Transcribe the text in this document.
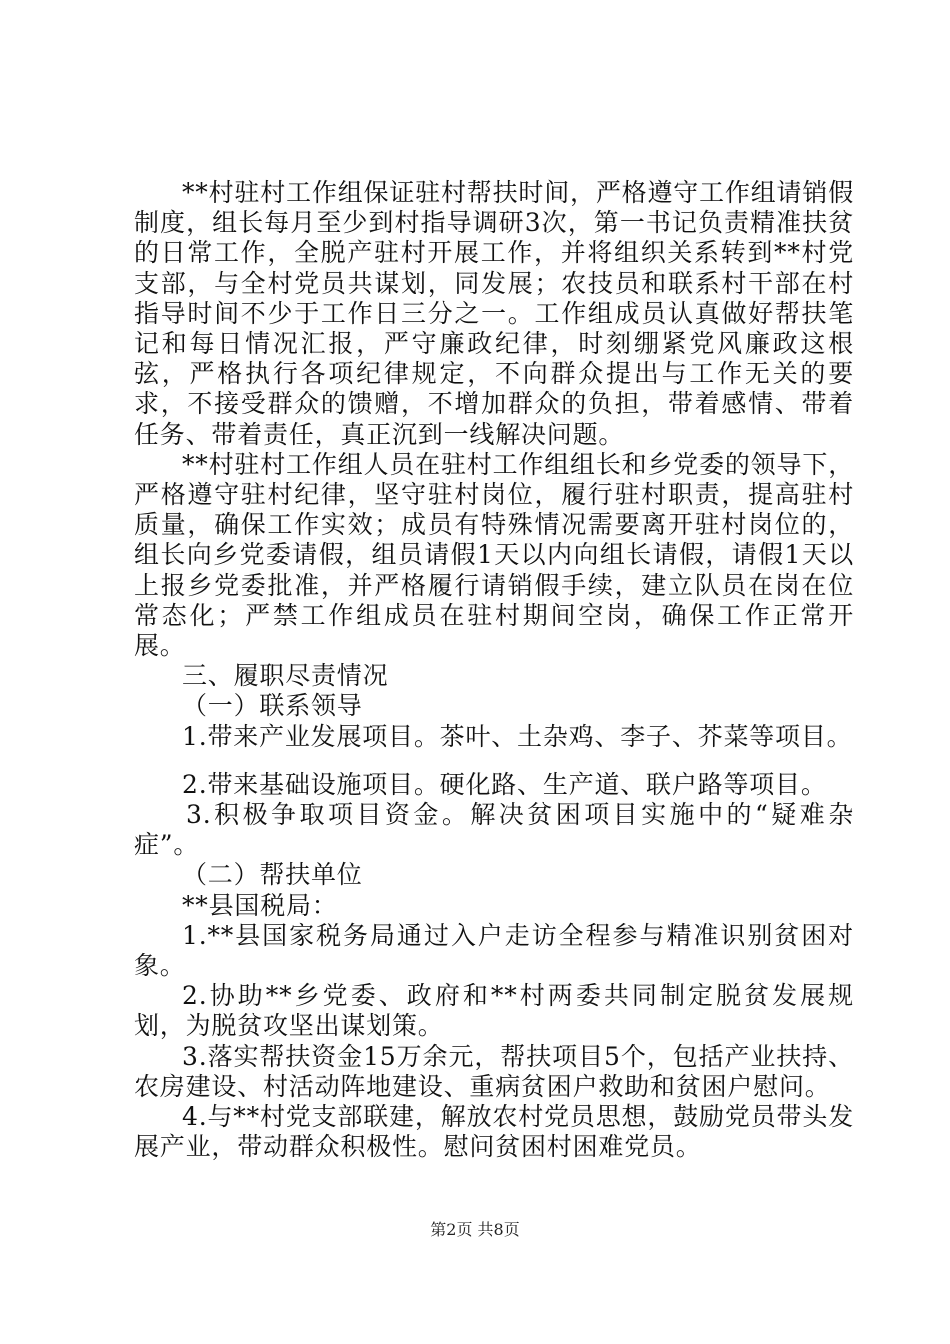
**村驻村工作组保证驻村帮扶时间，严格遵守工作组请销假制度，组长每月至少到村指导调研3次，第一书记负责精准扶贫的日常工作，全脱产驻村开展工作，并将组织关系转到**村党支部，与全村党员共谋划，同发展；农技员和联系村干部在村指导时间不少于工作日三分之一。工作组成员认真做好帮扶笔记和每日情况汇报，严守廉政纪律，时刻绷紧党风廉政这根弦，严格执行各项纪律规定，不向群众提出与工作无关的要求，不接受群众的馈赠，不增加群众的负担，带着感情、带着任务、带着责任，真正沉到一线解决问题。

**村驻村工作组人员在驻村工作组组长和乡党委的领导下，严格遵守驻村纪律，坚守驻村岗位，履行驻村职责，提高驻村质量，确保工作实效；成员有特殊情况需要离开驻村岗位的，组长向乡党委请假，组员请假1天以内向组长请假，请假1天以上报乡党委批准，并严格履行请销假手续，建立队员在岗在位常态化；严禁工作组成员在驻村期间空岗，确保工作正常开展。

三、履职尽责情况

（一）联系领导

1.带来产业发展项目。茶叶、土杂鸡、李子、芥菜等项目。

2.带来基础设施项目。硬化路、生产道、联户路等项目。

3.积极争取项目资金。解决贫困项目实施中的“疑难杂症”。

（二）帮扶单位

**县国税局：

1.**县国家税务局通过入户走访全程参与精准识别贫困对象。

2.协助**乡党委、政府和**村两委共同制定脱贫发展规划，为脱贫攻坚出谋划策。

3.落实帮扶资金15万余元，帮扶项目5个，包括产业扶持、农房建设、村活动阵地建设、重病贫困户救助和贫困户慰问。

4.与**村党支部联建，解放农村党员思想，鼓励党员带头发展产业，带动群众积极性。慰问贫困村困难党员。

第2页 共8页
